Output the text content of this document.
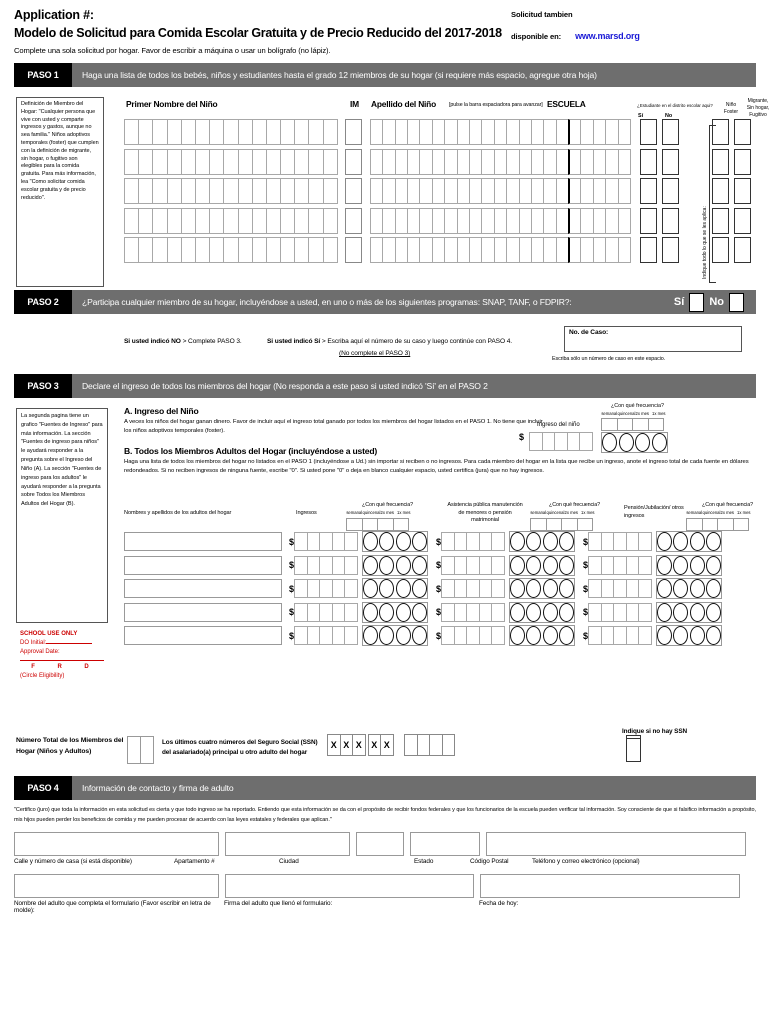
Application #:
Modelo de Solicitud para Comida Escolar Gratuita y de Precio Reducido del 2017-2018
Complete una sola solicitud por hogar. Favor de escribir a máquina o usar un bolígrafo (no lápiz).
Solicitud tambien
disponible en: www.marsd.org
PASO 1	Haga una lista de todos los bebés, niños y estudiantes hasta el grado 12 miembros de su hogar (si requiere más espacio, agregue otra hoja)
Definición de Miembro del Hogar: "Cualquier persona que vive con usted y comparte ingresos y gastos, aunque no sea familia." Niños adoptivos temporales (foster) que cumplen con la definición de migrante, sin hogar, o fugitivo son elegibles para la comida gratuita. Para más información, lea "Como solicitar comida escolar gratuita y de precio reducido".
Primer Nombre del Niño	IM Apellido del Niño [pulse la barra espaciadora para avanzar] ESCUELA	¿Estudiante en el distrito escolar aqui?
Sí	No
Niño Foster
Migrante, Sin hogar, Fugitivo
Indique todo lo que se les aplica:
PASO 2	¿Participa cualquier miembro de su hogar, incluyéndose a usted, en uno o más de los siguientes programas: SNAP, TANF, o FDPIR?:	Sí No
Si usted indicó NO > Complete PASO 3.	Si usted indicó Sí > Escriba aquí el número de su caso y luego continúe con PASO 4.
(No complete el PASO 3)
No. de Caso:
Escriba sólo un número de caso en este espacio.
PASO 3	Declare el ingreso de todos los miembros del hogar (No responda a este paso si usted indicó 'Sí' en el PASO 2
La segunda pagina tiene un grafico "Fuentes de Ingreso" para más información. La sección "Fuentes de ingreso para niños" le ayudará responder a la pregunta sobre el Ingreso del Niño (A). La sección "Fuentes de ingreso para los adultos" le ayudará responder a la pregunta sobre Todos los Miembros Adultos del Hogar (B).
SCHOOL USE ONLY
DO Initial:
Approval Date:
F	R	D
(Circle Eligibility)
A. Ingreso del Niño
A veces los niños del hogar ganan dinero. Favor de incluir aquí el ingreso total ganado por todos los miembros del hogar listados en el PASO 1. No tiene que incluir los niños adoptivos temporales (foster).
B. Todos los Miembros Adultos del Hogar (incluyéndose a usted)
Haga una lista de todos los miembros del hogar no listados en el PASO 1 (incluyéndose a Ud.) sin importar si reciben o no ingresos. Para cada miembro del hogar en la lista que recibe un ingreso, anote el ingreso total de cada fuente en dólares redondeados. Si no reciben ingresos de ninguna fuente, escribe "0". Si usted pone "0" o deja en blanco cualquier espacio, usted certifica (jura) que no hay ingresos.
Ingreso del niño
$
¿Con qué frecuencia?
semanal quincenal 2x mes 1x mes
Nombres y apellidos de los adultos del hogar	Ingresos
Asistencia pública manutención de menores o pensión matrimonial
Pensión/Jubilación/ otros ingresos
¿Con qué frecuencia?	¿Con qué frecuencia?	¿Con qué frecuencia?
semanal quincenal 2x mes 1x mes	semanal quincenal 2x mes 1x mes	semanal quincenal 2x mes 1x mes
$	$	$
$	$	$
$	$	$
$	$	$
$	$	$
Número Total de los Miembros del Hogar (Niños y Adultos)
Los últimos cuatro números del Seguro Social (SSN) del asalariado(a) principal u otro adulto del hogar
X X X	X X
Indique si no hay SSN
PASO 4	Información de contacto y firma de adulto
"Certifico (juro) que toda la información en esta solicitud es cierta y que todo ingreso se ha reportado. Entiendo que esta información se da con el propósito de recibir fondos federales y que los funcionarios de la escuela pueden verificar tal información. Soy consciente de que si falsifico información a propósito, mis hijos pueden perder los beneficios de comida y me pueden procesar de acuerdo con las leyes estatales y federales que aplican."
Calle y número de casa (si está disponible)	Apartamento #	Ciudad	Estado	Código Postal	Teléfono y correo electrónico (opcional)
Nombre del adulto que completa el formulario (Favor escribir en letra de molde):
Firma del adulto que llenó el formulario:	Fecha de hoy:
